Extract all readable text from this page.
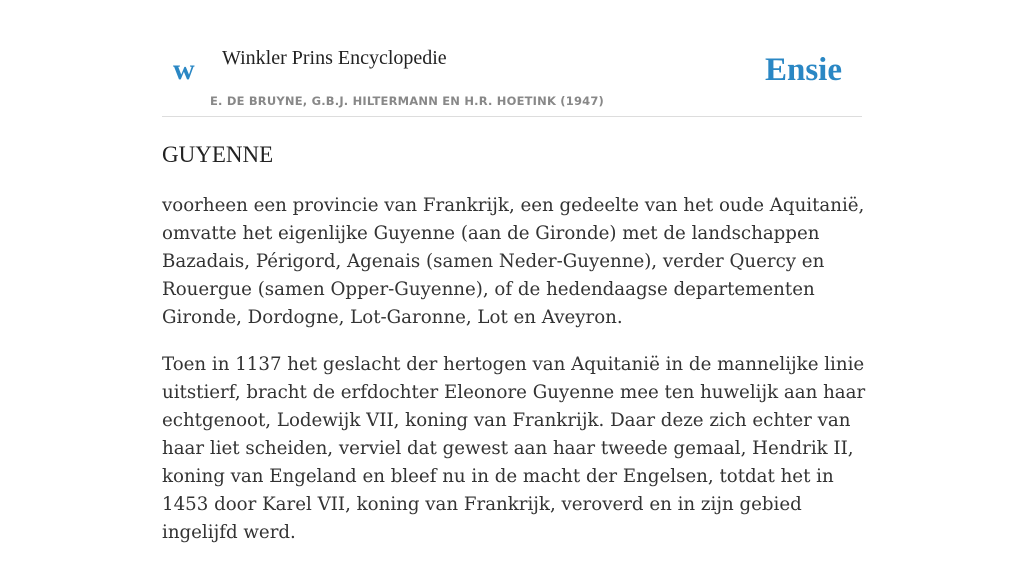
w Winkler Prins Encyclopedie
E. DE BRUYNE, G.B.J. HILTERMANN EN H.R. HOETINK (1947)
Ensie
GUYENNE

voorheen een provincie van Frankrijk, een gedeelte van het oude Aquitanië, omvatte het eigenlijke Guyenne (aan de Gironde) met de landschappen Bazadais, Périgord, Agenais (samen Neder-Guyenne), verder Quercy en Rouergue (samen Opper-Guyenne), of de hedendaagse departementen Gironde, Dordogne, Lot-Garonne, Lot en Aveyron.

Toen in 1137 het geslacht der hertogen van Aquitanië in de mannelijke linie uitstierf, bracht de erfdochter Eleonore Guyenne mee ten huwelijk aan haar echtgenoot, Lodewijk VII, koning van Frankrijk. Daar deze zich echter van haar liet scheiden, verviel dat gewest aan haar tweede gemaal, Hendrik II, koning van Engeland en bleef nu in de macht der Engelsen, totdat het in 1453 door Karel VII, koning van Frankrijk, veroverd en in zijn gebied ingelijfd werd.
